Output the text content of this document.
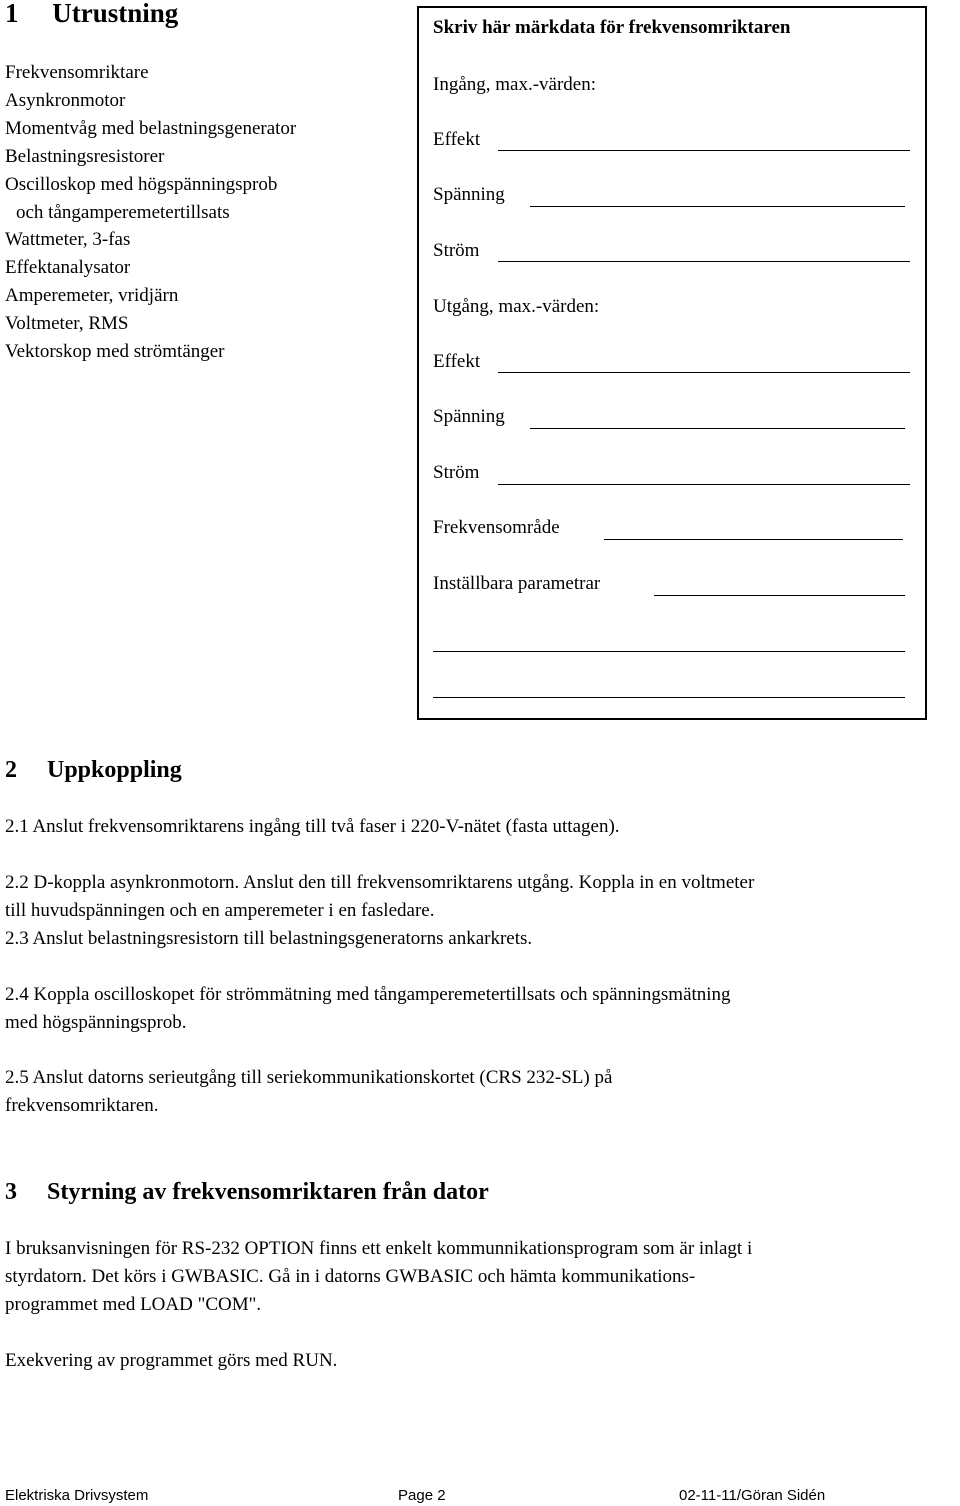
1     Utrustning
Frekvensomriktare
Asynkronmotor
Momentvåg med belastningsgenerator
Belastningsresistorer
Oscilloskop med högspänningsprob
och tångamperemetertillsats
Wattmeter, 3-fas
Effektanalysator
Amperemeter, vridjärn
Voltmeter, RMS
Vektorskop med strömtänger
Skriv här märkdata för frekvensomriktaren
Ingång, max.-värden:
Effekt
Spänning
Ström
Utgång, max.-värden:
Effekt
Spänning
Ström
Frekvensområde
Inställbara parametrar
2     Uppkoppling
2.1 Anslut frekvensomriktarens ingång till två faser i 220-V-nätet (fasta uttagen).
2.2 D-koppla asynkronmotorn. Anslut den till frekvensomriktarens utgång. Koppla in en voltmeter
till huvudspänningen och en amperemeter i en fasledare.
2.3 Anslut belastningsresistorn till belastningsgeneratorns ankarkrets.
2.4 Koppla oscilloskopet för strömmätning med tångamperemetertillsats och spänningsmätning
med högspänningsprob.
2.5 Anslut datorns serieutgång till seriekommunikationskortet (CRS 232-SL) på
frekvensomriktaren.
3     Styrning av frekvensomriktaren från dator
I bruksanvisningen för RS-232 OPTION finns ett enkelt kommunnikationsprogram som är inlagt i
styrdatorn. Det körs i GWBASIC. Gå in i datorns GWBASIC och hämta kommunikations-
programmet med LOAD "COM".
Exekvering av programmet görs med RUN.
Elektriska Drivsystem	Page 2	02-11-11/Göran Sidén
